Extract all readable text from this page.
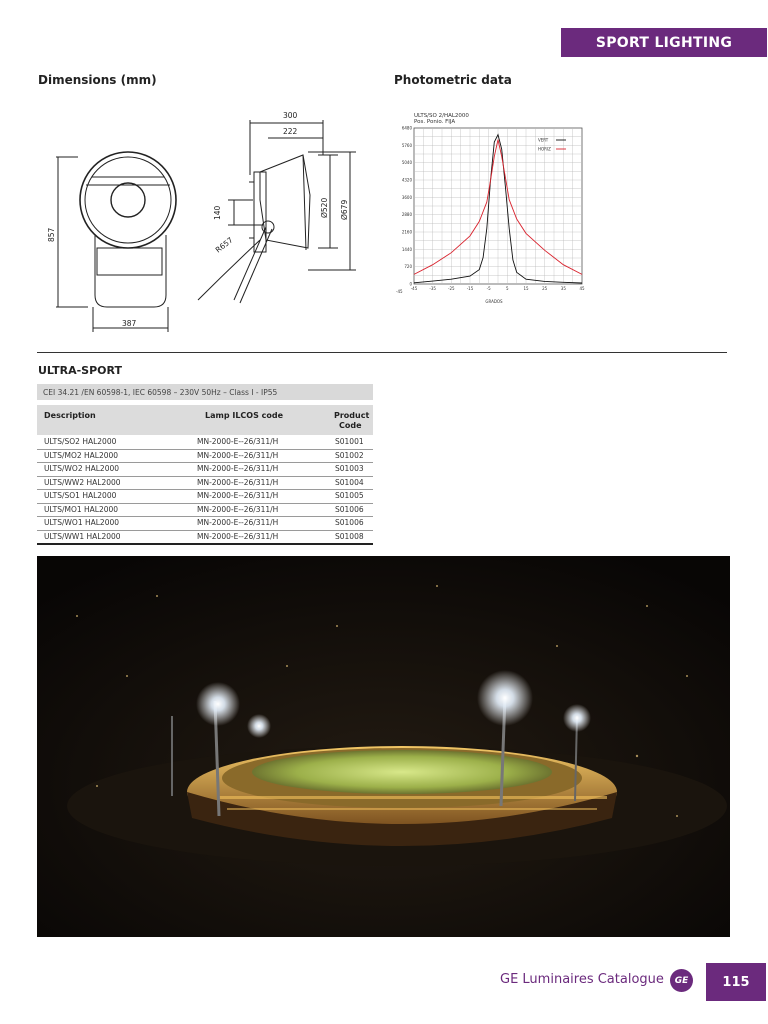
SPORT LIGHTING
Dimensions (mm)
300
222
387
857
140	Ø520 Ø679
R657
Photometric data
ULTS/SO 2/HAL2000
Pos. Ponio. FIJA
0
720
1440
2160
2880
3600
4320
5040
5760
6480
-45	-35	-25	-15	-5	5	15	25	35	45
-45
VERT
HORIZ
GRADOS
ULTRA-SPORT
CEI 34.21 /EN 60598-1, IEC 60598 – 230V 50Hz – Class I - IP55
Description	Lamp ILCOS code	Product
Code
ULTS/SO2 HAL2000	MN-2000-E--26/311/H	S01001
ULTS/MO2 HAL2000	MN-2000-E--26/311/H	S01002
ULTS/WO2 HAL2000	MN-2000-E--26/311/H	S01003
ULTS/WW2 HAL2000	MN-2000-E--26/311/H	S01004
ULTS/SO1 HAL2000	MN-2000-E--26/311/H	S01005
ULTS/MO1 HAL2000	MN-2000-E--26/311/H	S01006
ULTS/WO1 HAL2000	MN-2000-E--26/311/H	S01006
ULTS/WW1 HAL2000	MN-2000-E--26/311/H	S01008
GE Luminaires Catalogue	GE	115
